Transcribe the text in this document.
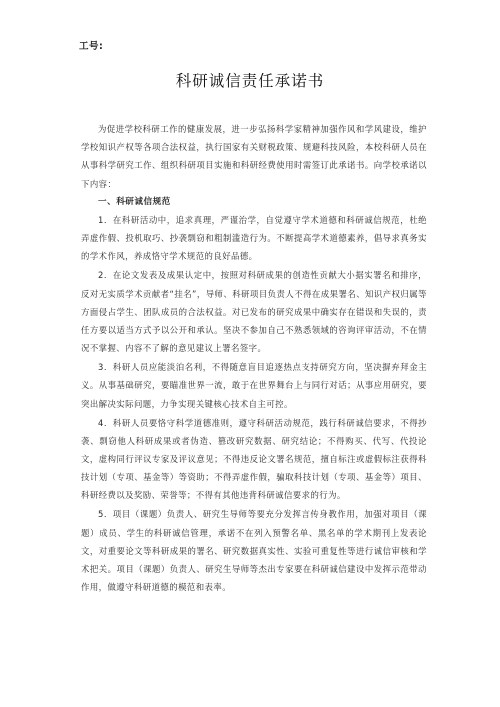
工号:
科研诚信责任承诺书

为促进学校科研工作的健康发展，进一步弘扬科学家精神加强作风和学风建设，维护学校知识产权等各项合法权益，执行国家有关财税政策、规避科技风险，本校科研人员在从事科学研究工作、组织科研项目实施和科研经费使用时需签订此承诺书。向学校承诺以下内容：

一、科研诚信规范

1．在科研活动中，追求真理，严谨治学，自觉遵守学术道德和科研诚信规范，杜绝弄虚作假、投机取巧、抄袭剽窃和粗制滥造行为。不断提高学术道德素养，倡导求真务实的学术作风，养成恪守学术规范的良好品德。

2．在论文发表及成果认定中，按照对科研成果的创造性贡献大小据实署名和排序，反对无实质学术贡献者“挂名”，导师、科研项目负责人不得在成果署名、知识产权归属等方面侵占学生、团队成员的合法权益。对已发布的研究成果中确实存在错误和失误的，责任方要以适当方式予以公开和承认。坚决不参加自己不熟悉领域的咨询评审活动，不在情况不掌握、内容不了解的意见建议上署名签字。

3．科研人员应能淡泊名利，不得随意盲目追逐热点支持研究方向，坚决摒弃拜金主义。从事基础研究，要瞄准世界一流，敢于在世界舞台上与同行对话；从事应用研究，要突出解决实际问题，力争实现关键核心技术自主可控。

4．科研人员要恪守科学道德准则，遵守科研活动规范，践行科研诚信要求，不得抄袭、剽窃他人科研成果或者伪造、篡改研究数据、研究结论；不得购买、代写、代投论文，虚构同行评议专家及评议意见；不得违反论文署名规范，擅自标注或虚假标注获得科技计划（专项、基金等）等资助；不得弄虚作假，骗取科技计划（专项、基金等）项目、科研经费以及奖励、荣誉等；不得有其他违背科研诚信要求的行为。

5．项目（课题）负责人、研究生导师等要充分发挥言传身教作用，加强对项目（课题）成员、学生的科研诚信管理，承诺不在列入预警名单、黑名单的学术期刊上发表论文，对重要论文等科研成果的署名、研究数据真实性、实验可重复性等进行诚信审核和学术把关。项目（课题）负责人、研究生导师等杰出专家要在科研诚信建设中发挥示范带动作用，做遵守科研道德的模范和表率。
